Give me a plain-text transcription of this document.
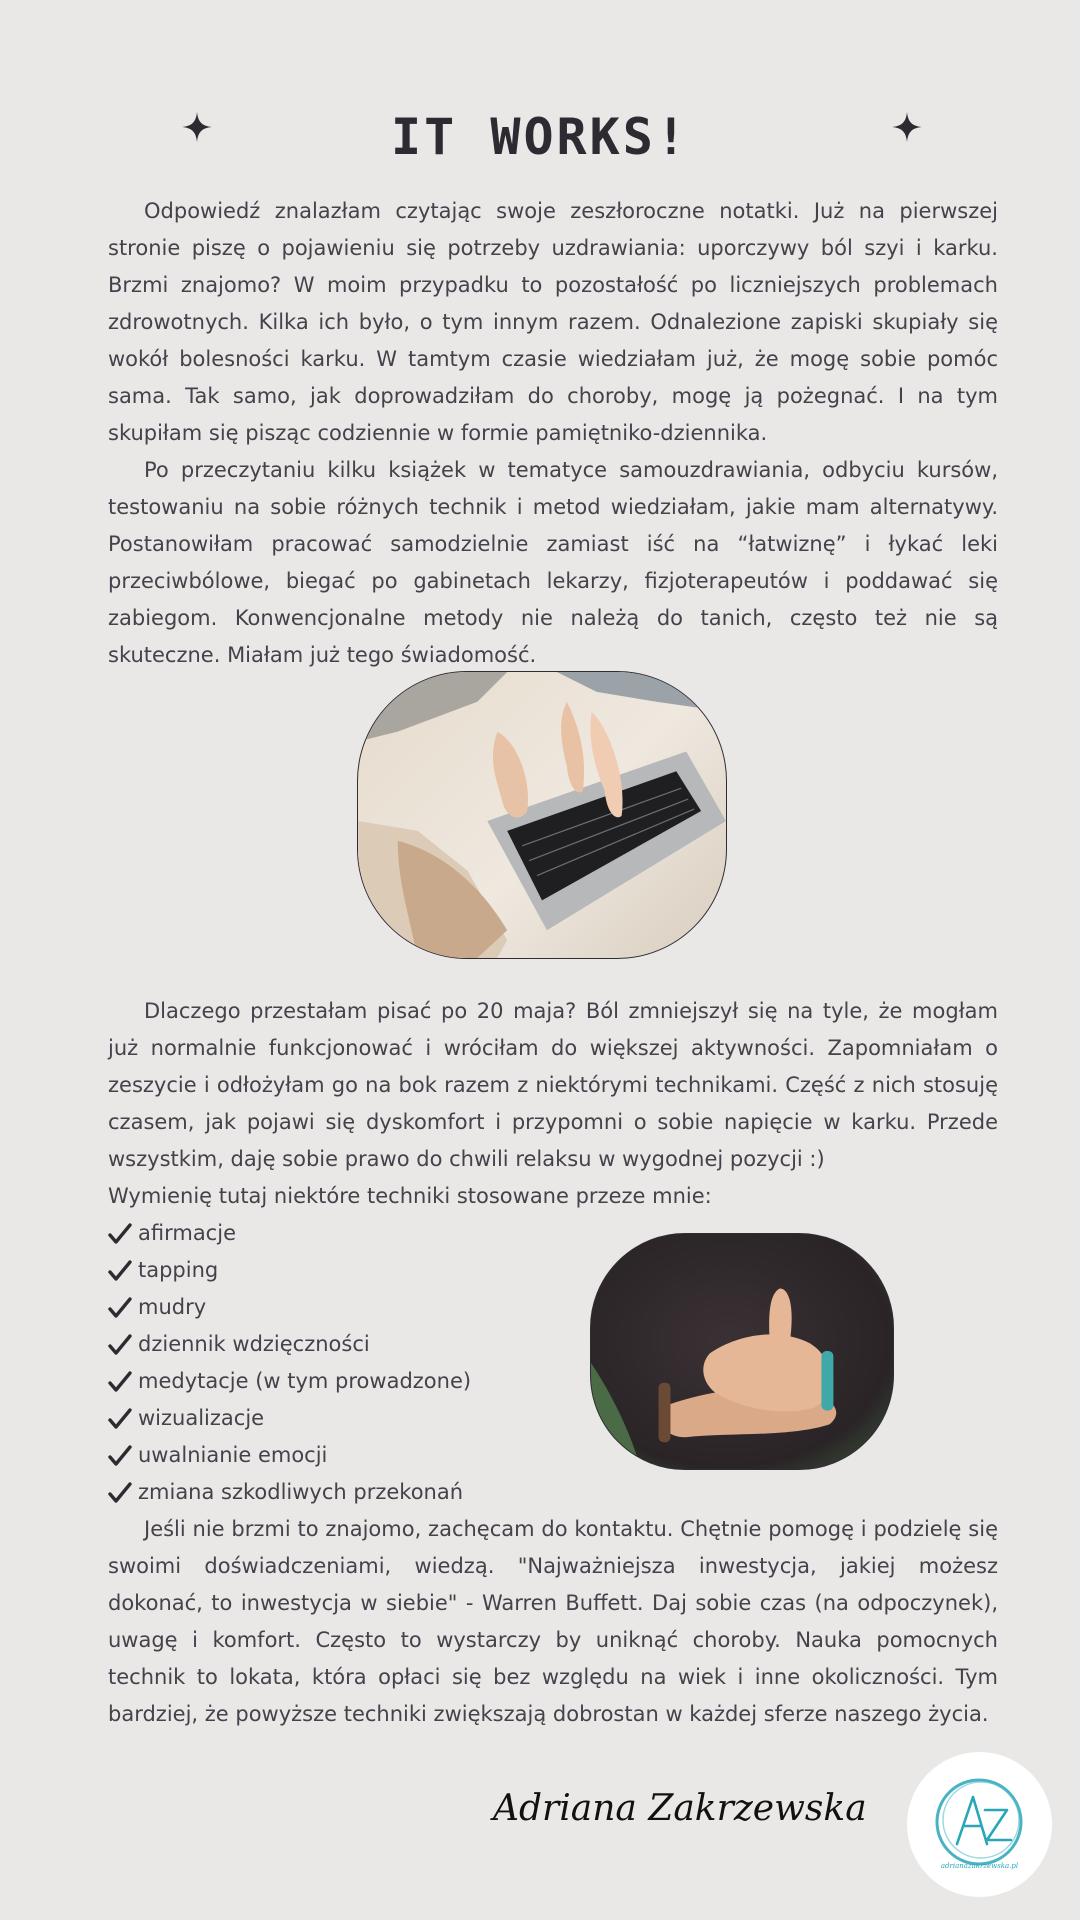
IT WORKS!

Odpowiedź znalazłam czytając swoje zeszłoroczne notatki. Już na pierwszej stronie piszę o pojawieniu się potrzeby uzdrawiania: uporczywy ból szyi i karku. Brzmi znajomo? W moim przypadku to pozostałość po liczniejszych problemach zdrowotnych. Kilka ich było, o tym innym razem. Odnalezione zapiski skupiały się wokół bolesności karku. W tamtym czasie wiedziałam już, że mogę sobie pomóc sama. Tak samo, jak doprowadziłam do choroby, mogę ją pożegnać. I na tym skupiłam się pisząc codziennie w formie pamiętniko-dziennika.

Po przeczytaniu kilku książek w tematyce samouzdrawiania, odbyciu kursów, testowaniu na sobie różnych technik i metod wiedziałam, jakie mam alternatywy. Postanowiłam pracować samodzielnie zamiast iść na “łatwiznę” i łykać leki przeciwbólowe, biegać po gabinetach lekarzy, fizjoterapeutów i poddawać się zabiegom. Konwencjonalne metody nie należą do tanich, często też nie są skuteczne. Miałam już tego świadomość.

Dlaczego przestałam pisać po 20 maja? Ból zmniejszył się na tyle, że mogłam już normalnie funkcjonować i wróciłam do większej aktywności. Zapomniałam o zeszycie i odłożyłam go na bok razem z niektórymi technikami. Część z nich stosuję czasem, jak pojawi się dyskomfort i przypomni o sobie napięcie w karku. Przede wszystkim, daję sobie prawo do chwili relaksu w wygodnej pozycji :)

Wymienię tutaj niektóre techniki stosowane przeze mnie:

afirmacje
tapping
mudry
dziennik wdzięczności
medytacje (w tym prowadzone)
wizualizacje
uwalnianie emocji
zmiana szkodliwych przekonań

Jeśli nie brzmi to znajomo, zachęcam do kontaktu. Chętnie pomogę i podzielę się swoimi doświadczeniami, wiedzą. "Najważniejsza inwestycja, jakiej możesz dokonać, to inwestycja w siebie" - Warren Buffett. Daj sobie czas (na odpoczynek), uwagę i komfort. Często to wystarczy by uniknąć choroby. Nauka pomocnych technik to lokata, która opłaci się bez względu na wiek i inne okoliczności. Tym bardziej, że powyższe techniki zwiększają dobrostan w każdej sferze naszego życia.

Adriana Zakrzewska
adrianazakrzewska.pl
